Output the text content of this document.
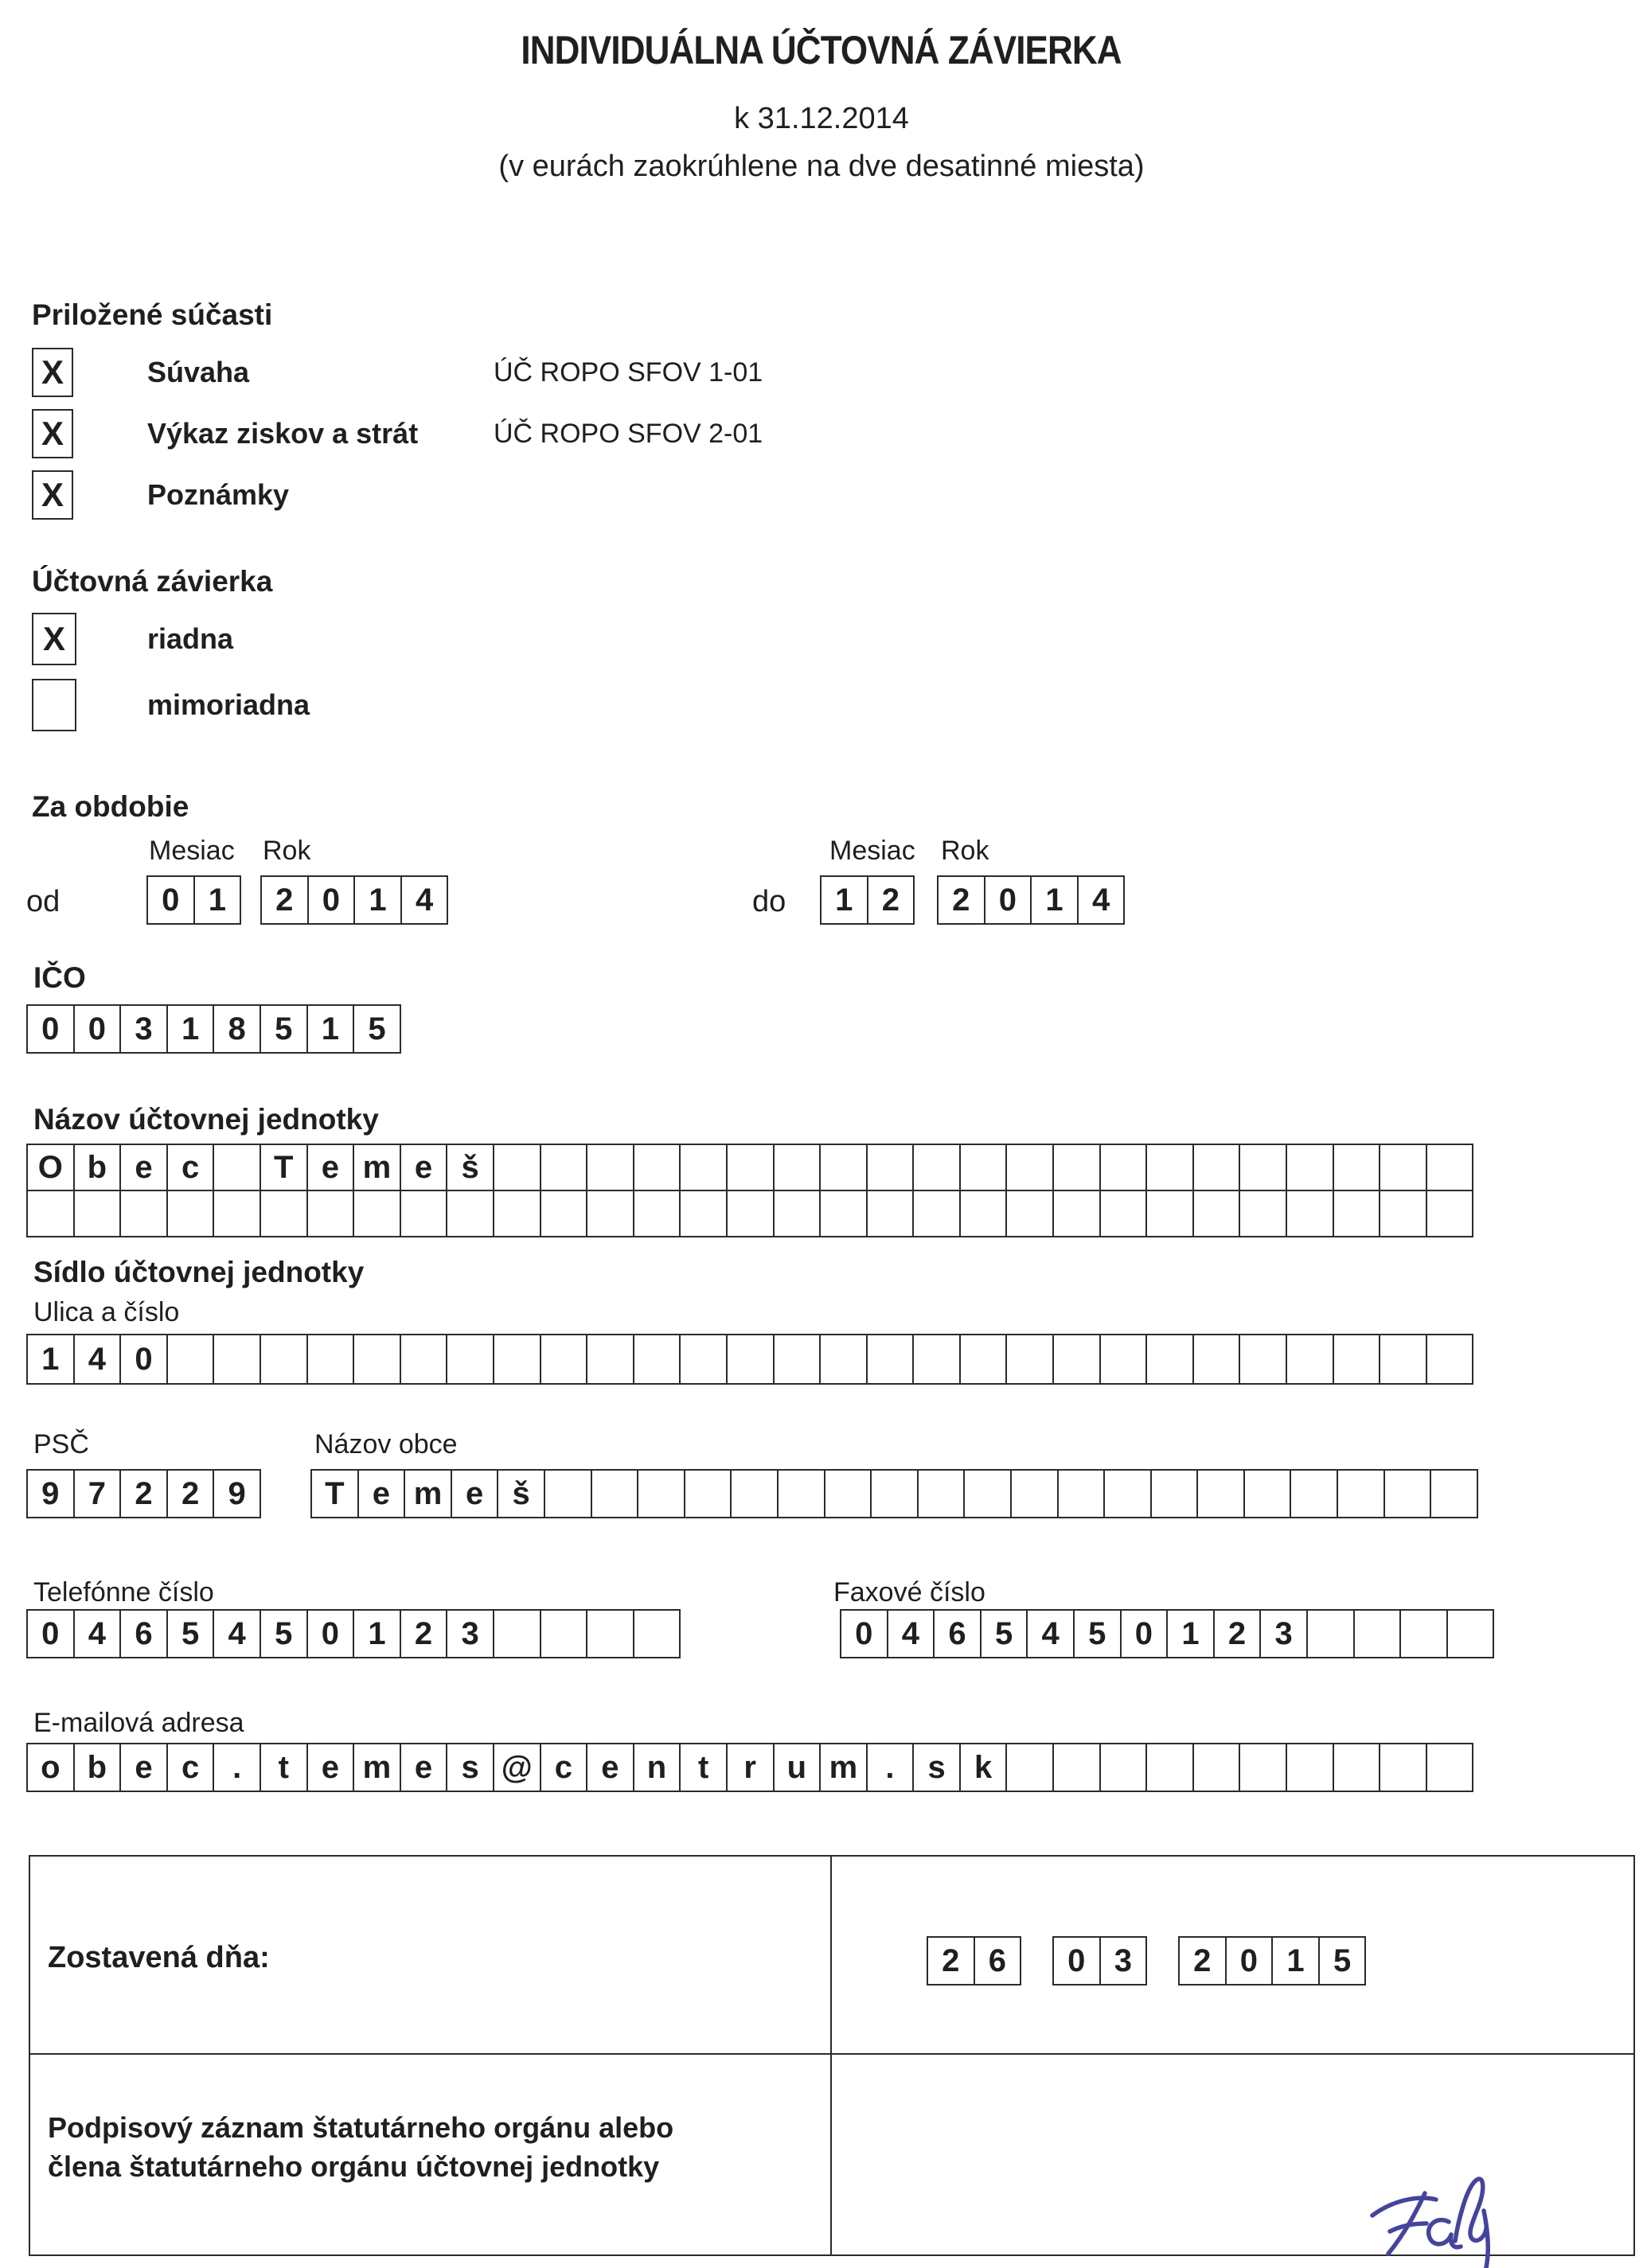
INDIVIDUÁLNA ÚČTOVNÁ ZÁVIERKA
k 31.12.2014
(v eurách zaokrúhlene na dve desatinné miesta)
Priložené súčasti
X	Súvaha	ÚČ ROPO SFOV 1-01
X	Výkaz ziskov a strát	ÚČ ROPO SFOV 2-01
X	Poznámky
Účtovná závierka
X	riadna
mimoriadna
Za obdobie
Mesiac Rok
od	0 1	2 0 1 4
Mesiac Rok
do	1 2	2 0 1 4
IČO
0 0 3 1 8 5 1 5
Názov účtovnej jednotky
O b e c	T e m e š
Sídlo účtovnej jednotky
Ulica a číslo
1 4 0
PSČ	Názov obce
9 7 2 2 9	T e m e š
Telefónne číslo	Faxové číslo
0 4 6 5 4 5 0 1 2 3	0 4 6 5 4 5 0 1 2 3
E-mailová adresa
o b e c	.	t	e m e s @ c e n t	r u m .	s k
Zostavená dňa:	2 6	0 3	2 0 1 5
Podpisový záznam štatutárneho orgánu alebo
člena štatutárneho orgánu účtovnej jednotky
